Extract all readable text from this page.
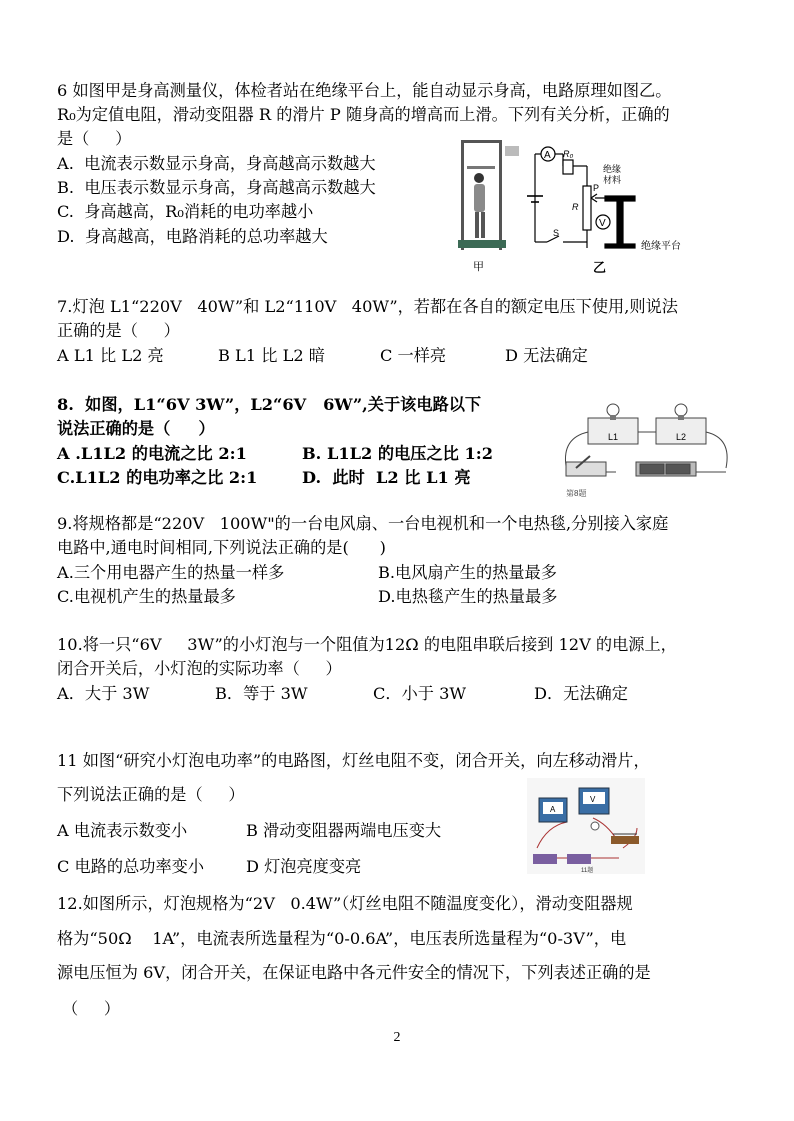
6 如图甲是身高测量仪，体检者站在绝缘平台上，能自动显示身高，电路原理如图乙。
R₀为定值电阻，滑动变阻器 R 的滑片 P 随身高的增高而上滑。下列有关分析，正确的
是（     ）
A.  电流表示数显示身高，身高越高示数越大
B.  电压表示数显示身高，身高越高示数越大
C.  身高越高，R₀消耗的电功率越小
D.  身高越高，电路消耗的总功率越大
甲
A R₀
R
P
绝缘材料
V
S
绝缘平台
乙
7.灯泡 L1“220V   40W”和 L2“110V   40W”，若都在各自的额定电压下使用,则说法
正确的是（     ）
A L1 比 L2 亮	B L1 比 L2 暗	C 一样亮	D 无法确定
8.  如图，L1“6V 3W”，L2“6V   6W”,关于该电路以下
说法正确的是（     ）
A .L1L2 的电流之比 2:1	B. L1L2 的电压之比 1:2
C.L1L2 的电功率之比 2:1	D.  此时  L2 比 L1 亮
L1	L2
第8题
9.将规格都是“220V   100W"的一台电风扇、一台电视机和一个电热毯,分别接入家庭
电路中,通电时间相同,下列说法正确的是(      )
A.三个用电器产生的热量一样多	B.电风扇产生的热量最多
C.电视机产生的热量最多	D.电热毯产生的热量最多
10.将一只“6V     3W”的小灯泡与一个阻值为12Ω 的电阻串联后接到 12V 的电源上，
闭合开关后，小灯泡的实际功率（     ）
A．大于 3W	B．等于 3W	C．小于 3W	D．无法确定
11 如图“研究小灯泡电功率”的电路图，灯丝电阻不变，闭合开关，向左移动滑片，
下列说法正确的是（     ）
A 电流表示数变小	B 滑动变阻器两端电压变大
C 电路的总功率变小	D 灯泡亮度变亮
A
V
11题
12.如图所示，灯泡规格为“2V   0.4W”（灯丝电阻不随温度变化），滑动变阻器规
格为“50Ω    1A”，电流表所选量程为“0-0.6A”，电压表所选量程为“0-3V”，电
源电压恒为 6V，闭合开关，在保证电路中各元件安全的情况下，下列表述正确的是
（     ）
2
